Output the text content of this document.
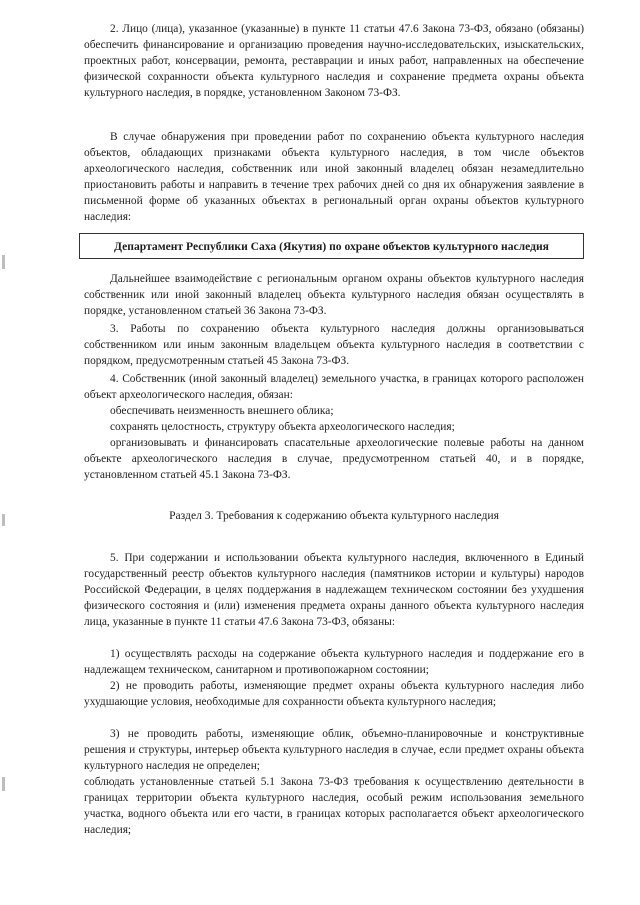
2. Лицо (лица), указанное (указанные) в пункте 11 статьи 47.6 Закона 73-ФЗ, обязано (обязаны) обеспечить финансирование и организацию проведения научно-исследовательских, изыскательских, проектных работ, консервации, ремонта, реставрации и иных работ, направленных на обеспечение физической сохранности объекта культурного наследия и сохранение предмета охраны объекта культурного наследия, в порядке, установленном Законом 73-ФЗ.

В случае обнаружения при проведении работ по сохранению объекта культурного наследия объектов, обладающих признаками объекта культурного наследия, в том числе объектов археологического наследия, собственник или иной законный владелец обязан незамедлительно приостановить работы и направить в течение трех рабочих дней со дня их обнаружения заявление в письменной форме об указанных объектах в региональный орган охраны объектов культурного наследия:

Департамент Республики Саха (Якутия) по охране объектов культурного наследия

Дальнейшее взаимодействие с региональным органом охраны объектов культурного наследия собственник или иной законный владелец объекта культурного наследия обязан осуществлять в порядке, установленном статьей 36 Закона 73-ФЗ.

3. Работы по сохранению объекта культурного наследия должны организовываться собственником или иным законным владельцем объекта культурного наследия в соответствии с порядком, предусмотренным статьей 45 Закона 73-ФЗ.

4. Собственник (иной законный владелец) земельного участка, в границах которого расположен объект археологического наследия, обязан:

обеспечивать неизменность внешнего облика;

сохранять целостность, структуру объекта археологического наследия;

организовывать и финансировать спасательные археологические полевые работы на данном объекте археологического наследия в случае, предусмотренном статьей 40, и в порядке, установленном статьей 45.1 Закона 73-ФЗ.

Раздел 3. Требования к содержанию объекта культурного наследия

5. При содержании и использовании объекта культурного наследия, включенного в Единый государственный реестр объектов культурного наследия (памятников истории и культуры) народов Российской Федерации, в целях поддержания в надлежащем техническом состоянии без ухудшения физического состояния и (или) изменения предмета охраны данного объекта культурного наследия лица, указанные в пункте 11 статьи 47.6 Закона 73-ФЗ, обязаны:

1) осуществлять расходы на содержание объекта культурного наследия и поддержание его в надлежащем техническом, санитарном и противопожарном состоянии;

2) не проводить работы, изменяющие предмет охраны объекта культурного наследия либо ухудшающие условия, необходимые для сохранности объекта культурного наследия;

3) не проводить работы, изменяющие облик, объемно-планировочные и конструктивные решения и структуры, интерьер объекта культурного наследия в случае, если предмет охраны объекта культурного наследия не определен;

соблюдать установленные статьей 5.1 Закона 73-ФЗ требования к осуществлению деятельности в границах территории объекта культурного наследия, особый режим использования земельного участка, водного объекта или его части, в границах которых располагается объект археологического наследия;
